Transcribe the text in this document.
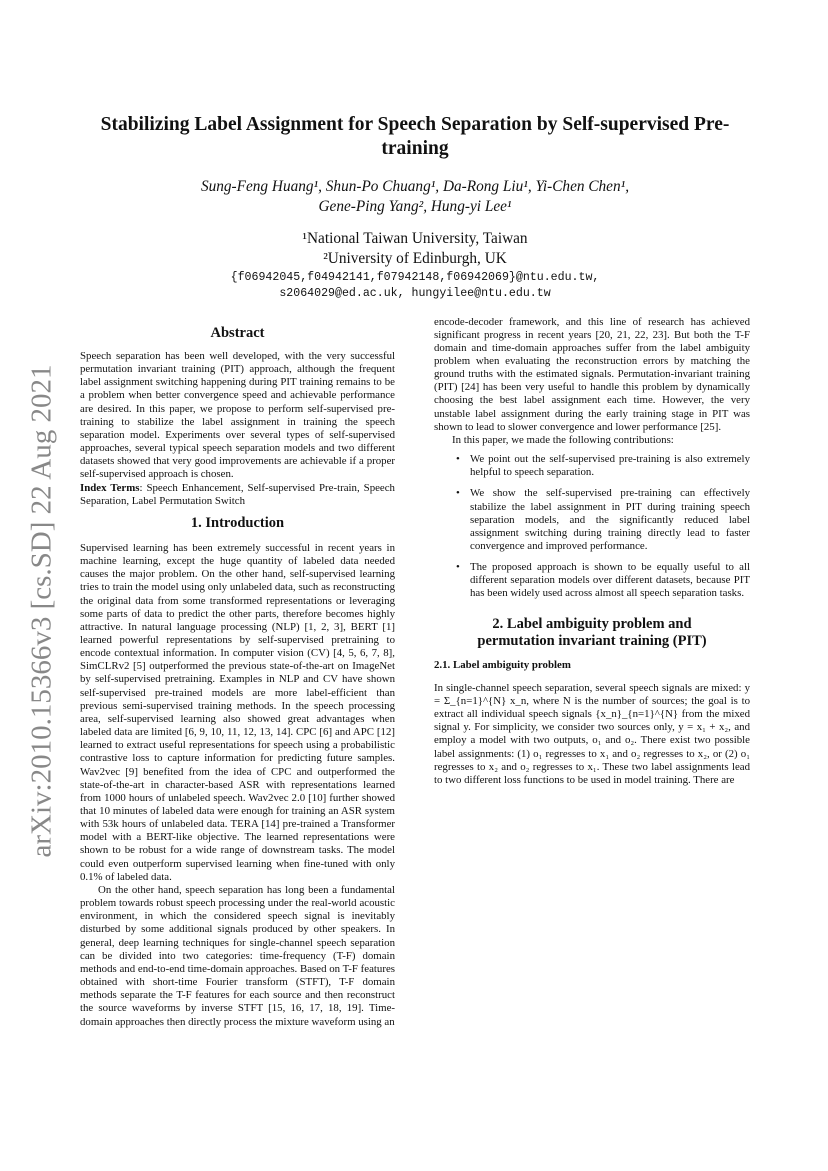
Stabilizing Label Assignment for Speech Separation by Self-supervised Pre-training
Sung-Feng Huang¹, Shun-Po Chuang¹, Da-Rong Liu¹, Yi-Chen Chen¹,
Gene-Ping Yang², Hung-yi Lee¹
¹National Taiwan University, Taiwan
²University of Edinburgh, UK
{f06942045,f04942141,f07942148,f06942069}@ntu.edu.tw,
s2064029@ed.ac.uk, hungyilee@ntu.edu.tw
arXiv:2010.15366v3 [cs.SD] 22 Aug 2021
Abstract

Speech separation has been well developed, with the very successful permutation invariant training (PIT) approach, although the frequent label assignment switching happening during PIT training remains to be a problem when better convergence speed and achievable performance are desired. In this paper, we propose to perform self-supervised pre-training to stabilize the label assignment in training the speech separation model. Experiments over several types of self-supervised approaches, several typical speech separation models and two different datasets showed that very good improvements are achievable if a proper self-supervised approach is chosen.

Index Terms: Speech Enhancement, Self-supervised Pre-train, Speech Separation, Label Permutation Switch

1. Introduction

Supervised learning has been extremely successful in recent years in machine learning, except the huge quantity of labeled data needed causes the major problem. On the other hand, self-supervised learning tries to train the model using only unlabeled data, such as reconstructing the original data from some transformed representations or leveraging some parts of data to predict the other parts, therefore becomes highly attractive. In natural language processing (NLP) [1, 2, 3], BERT [1] learned powerful representations by self-supervised pretraining to encode contextual information. In computer vision (CV) [4, 5, 6, 7, 8], SimCLRv2 [5] outperformed the previous state-of-the-art on ImageNet by self-supervised pretraining. Examples in NLP and CV have shown self-supervised pre-trained models are more label-efficient than previous semi-supervised training methods. In the speech processing area, self-supervised learning also showed great advantages when labeled data are limited [6, 9, 10, 11, 12, 13, 14]. CPC [6] and APC [12] learned to extract useful representations for speech using a probabilistic contrastive loss to capture information for predicting future samples. Wav2vec [9] benefited from the idea of CPC and outperformed the state-of-the-art in character-based ASR with representations learned from 1000 hours of unlabeled speech. Wav2vec 2.0 [10] further showed that 10 minutes of labeled data were enough for training an ASR system with 53k hours of unlabeled data. TERA [14] pre-trained a Transformer model with a BERT-like objective. The learned representations were shown to be robust for a wide range of downstream tasks. The model could even outperform supervised learning when fine-tuned with only 0.1% of labeled data.

On the other hand, speech separation has long been a fundamental problem towards robust speech processing under the real-world acoustic environment, in which the considered speech signal is inevitably disturbed by some additional signals produced by other speakers. In general, deep learning techniques for single-channel speech separation can be divided into two categories: time-frequency (T-F) domain methods and end-to-end time-domain approaches. Based on T-F features obtained with short-time Fourier transform (STFT), T-F domain methods separate the T-F features for each source and then reconstruct the source waveforms by inverse STFT [15, 16, 17, 18, 19]. Time-domain approaches then directly process the mixture waveform using an

encode-decoder framework, and this line of research has achieved significant progress in recent years [20, 21, 22, 23]. But both the T-F domain and time-domain approaches suffer from the label ambiguity problem when evaluating the reconstruction errors by matching the ground truths with the estimated signals. Permutation-invariant training (PIT) [24] has been very useful to handle this problem by dynamically choosing the best label assignment each time. However, the very unstable label assignment during the early training stage in PIT was shown to lead to slower convergence and lower performance [25].

In this paper, we made the following contributions:

• We point out the self-supervised pre-training is also extremely helpful to speech separation.
• We show the self-supervised pre-training can effectively stabilize the label assignment in PIT during training speech separation models, and the significantly reduced label assignment switching during training directly lead to faster convergence and improved performance.
• The proposed approach is shown to be equally useful to all different separation models over different datasets, because PIT has been widely used across almost all speech separation tasks.
2. Label ambiguity problem and
permutation invariant training (PIT)
2.1. Label ambiguity problem

In single-channel speech separation, several speech signals are mixed: y = Σ_{n=1}^{N} x_n, where N is the number of sources; the goal is to extract all individual speech signals {x_n}_{n=1}^{N} from the mixed signal y. For simplicity, we consider two sources only, y = x₁ + x₂, and employ a model with two outputs, o₁ and o₂. There exist two possible label assignments: (1) o₁ regresses to x₁ and o₂ regresses to x₂, or (2) o₁ regresses to x₂ and o₂ regresses to x₁. These two label assignments lead to two different loss functions to be used in model training. There are
